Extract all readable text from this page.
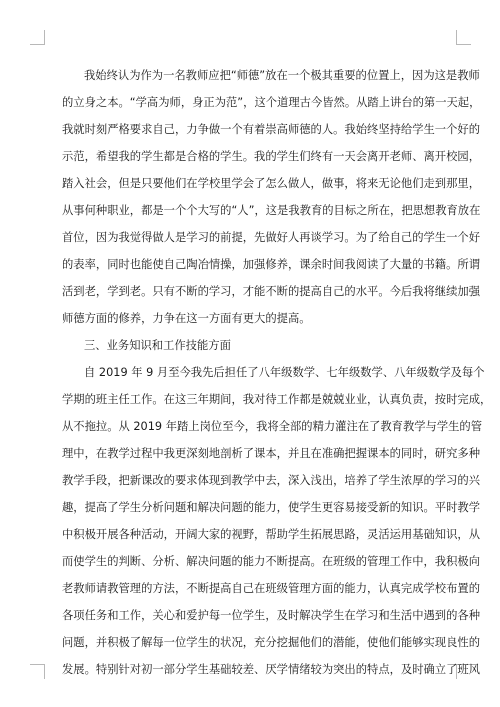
我始终认为作为一名教师应把“师德”放在一个极其重要的位置上，因为这是教师
的立身之本。“学高为师，身正为范”，这个道理古今皆然。从踏上讲台的第一天起，
我就时刻严格要求自己，力争做一个有着崇高师德的人。我始终坚持给学生一个好的
示范，希望我的学生都是合格的学生。我的学生们终有一天会离开老师、离开校园，
踏入社会，但是只要他们在学校里学会了怎么做人，做事，将来无论他们走到那里，
从事何种职业，都是一个个大写的“人”，这是我教育的目标之所在，把思想教育放在
首位，因为我觉得做人是学习的前提，先做好人再谈学习。为了给自己的学生一个好
的表率，同时也能使自己陶冶情操，加强修养，课余时间我阅读了大量的书籍。所谓
活到老，学到老。只有不断的学习，才能不断的提高自己的水平。今后我将继续加强
师德方面的修养，力争在这一方面有更大的提高。
三、业务知识和工作技能方面
自 2019 年 9 月至今我先后担任了八年级数学、七年级数学、八年级数学及每个
学期的班主任工作。在这三年期间，我对待工作都是兢兢业业，认真负责，按时完成，
从不拖拉。从 2019 年踏上岗位至今，我将全部的精力灌注在了教育教学与学生的管
理中，在教学过程中我更深刻地剖析了课本，并且在准确把握课本的同时，研究多种
教学手段，把新课改的要求体现到教学中去，深入浅出，培养了学生浓厚的学习的兴
趣，提高了学生分析问题和解决问题的能力，使学生更容易接受新的知识。平时教学
中积极开展各种活动，开阔大家的视野，帮助学生拓展思路，灵活运用基础知识，从
而使学生的判断、分析、解决问题的能力不断提高。在班级的管理工作中，我积极向
老教师请教管理的方法，不断提高自己在班级管理方面的能力，认真完成学校布置的
各项任务和工作，关心和爱护每一位学生，及时解决学生在学习和生活中遇到的各种
问题，并积极了解每一位学生的状况，充分挖掘他们的潜能，使他们能够实现良性的
发展。特别针对初一部分学生基础较差、厌学情绪较为突出的特点，及时确立了班风
